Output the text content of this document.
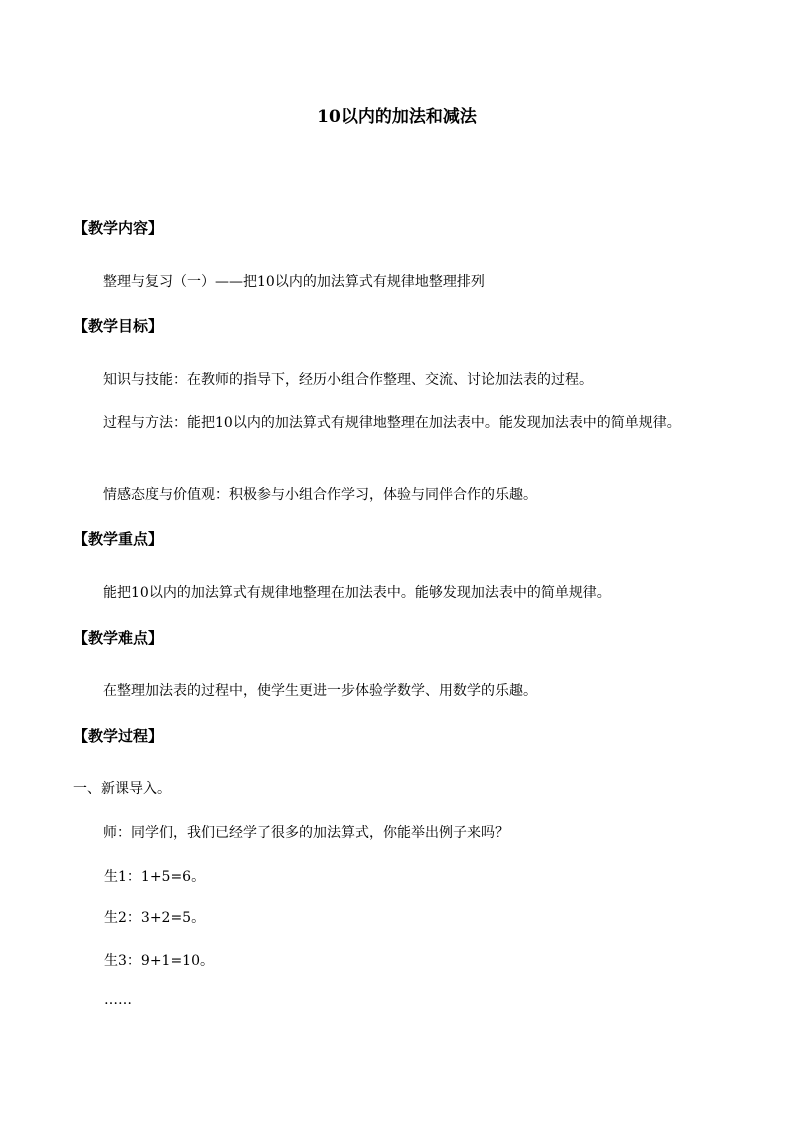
10以内的加法和减法
【教学内容】
整理与复习（一）——把10以内的加法算式有规律地整理排列
【教学目标】
知识与技能：在教师的指导下，经历小组合作整理、交流、讨论加法表的过程。
过程与方法：能把10以内的加法算式有规律地整理在加法表中。能发现加法表中的简单规律。
情感态度与价值观：积极参与小组合作学习，体验与同伴合作的乐趣。
【教学重点】
能把10以内的加法算式有规律地整理在加法表中。能够发现加法表中的简单规律。
【教学难点】
在整理加法表的过程中，使学生更进一步体验学数学、用数学的乐趣。
【教学过程】
一、新课导入。
师：同学们，我们已经学了很多的加法算式，你能举出例子来吗？
生1：1+5=6。
生2：3+2=5。
生3：9+1=10。
……
